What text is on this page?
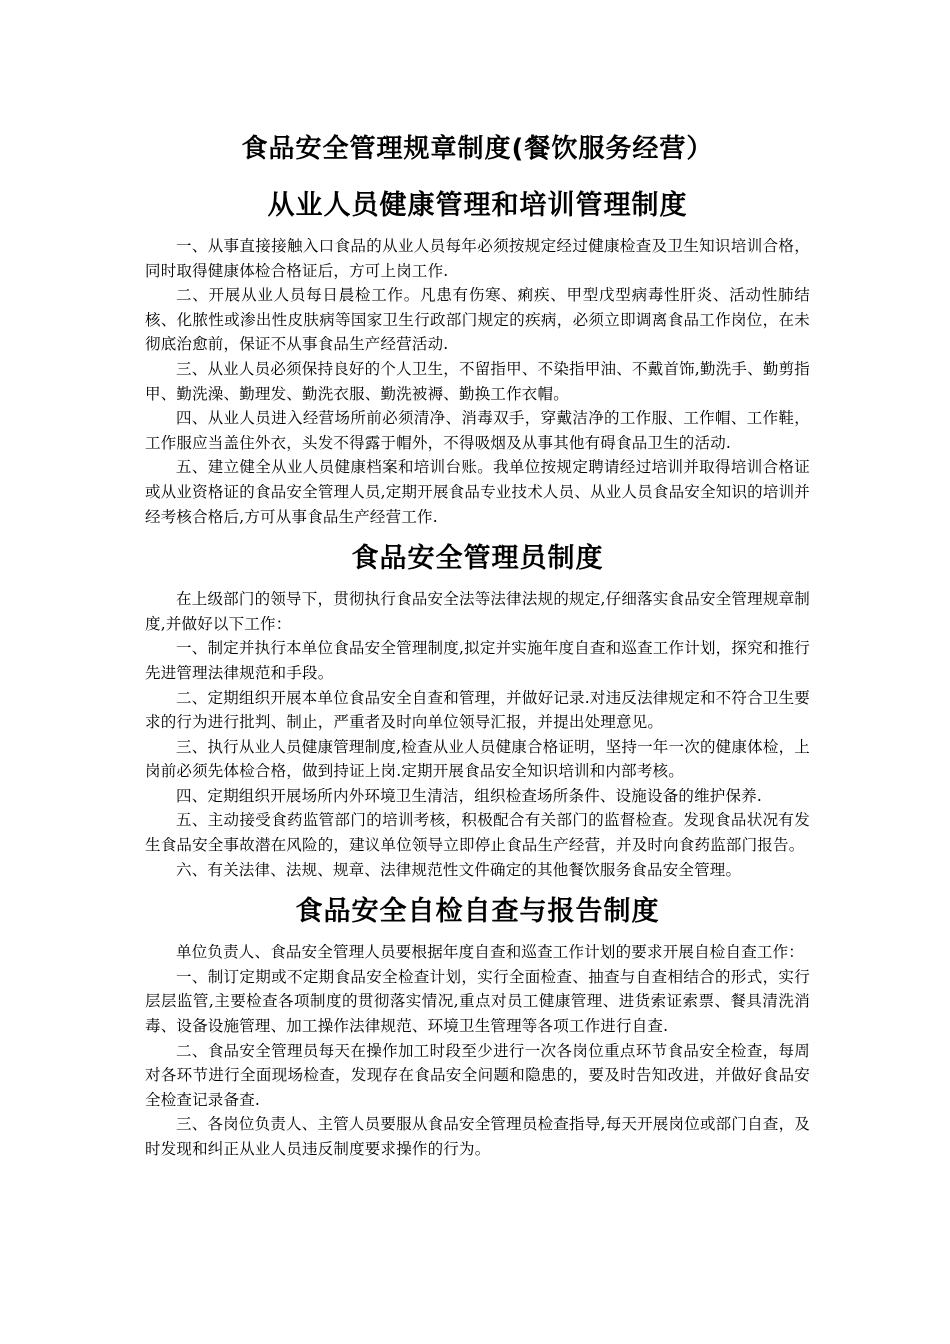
食品安全管理规章制度(餐饮服务经营）
从业人员健康管理和培训管理制度

一、从事直接接触入口食品的从业人员每年必须按规定经过健康检查及卫生知识培训合格，同时取得健康体检合格证后，方可上岗工作.

二、开展从业人员每日晨检工作。凡患有伤寒、痢疾、甲型戊型病毒性肝炎、活动性肺结核、化脓性或渗出性皮肤病等国家卫生行政部门规定的疾病，必须立即调离食品工作岗位，在未彻底治愈前，保证不从事食品生产经营活动.

三、从业人员必须保持良好的个人卫生，不留指甲、不染指甲油、不戴首饰,勤洗手、勤剪指甲、勤洗澡、勤理发、勤洗衣服、勤洗被褥、勤换工作衣帽。

四、从业人员进入经营场所前必须清净、消毒双手，穿戴洁净的工作服、工作帽、工作鞋，工作服应当盖住外衣，头发不得露于帽外，不得吸烟及从事其他有碍食品卫生的活动.

五、建立健全从业人员健康档案和培训台账。我单位按规定聘请经过培训并取得培训合格证或从业资格证的食品安全管理人员,定期开展食品专业技术人员、从业人员食品安全知识的培训并经考核合格后,方可从事食品生产经营工作.

食品安全管理员制度

在上级部门的领导下，贯彻执行食品安全法等法律法规的规定,仔细落实食品安全管理规章制度,并做好以下工作：

一、制定并执行本单位食品安全管理制度,拟定并实施年度自查和巡查工作计划，探究和推行先进管理法律规范和手段。

二、定期组织开展本单位食品安全自查和管理，并做好记录.对违反法律规定和不符合卫生要求的行为进行批判、制止，严重者及时向单位领导汇报，并提出处理意见。

三、执行从业人员健康管理制度,检查从业人员健康合格证明，坚持一年一次的健康体检，上岗前必须先体检合格，做到持证上岗.定期开展食品安全知识培训和内部考核。

四、定期组织开展场所内外环境卫生清洁，组织检查场所条件、设施设备的维护保养.

五、主动接受食药监管部门的培训考核，积极配合有关部门的监督检查。发现食品状况有发生食品安全事故潜在风险的，建议单位领导立即停止食品生产经营，并及时向食药监部门报告。

六、有关法律、法规、规章、法律规范性文件确定的其他餐饮服务食品安全管理。

食品安全自检自查与报告制度

单位负责人、食品安全管理人员要根据年度自查和巡查工作计划的要求开展自检自查工作：

一、制订定期或不定期食品安全检查计划，实行全面检查、抽查与自查相结合的形式，实行层层监管,主要检查各项制度的贯彻落实情况,重点对员工健康管理、进货索证索票、餐具清洗消毒、设备设施管理、加工操作法律规范、环境卫生管理等各项工作进行自查.

二、食品安全管理员每天在操作加工时段至少进行一次各岗位重点环节食品安全检查，每周对各环节进行全面现场检查，发现存在食品安全问题和隐患的，要及时告知改进，并做好食品安全检查记录备查.

三、各岗位负责人、主管人员要服从食品安全管理员检查指导,每天开展岗位或部门自查，及时发现和纠正从业人员违反制度要求操作的行为。
